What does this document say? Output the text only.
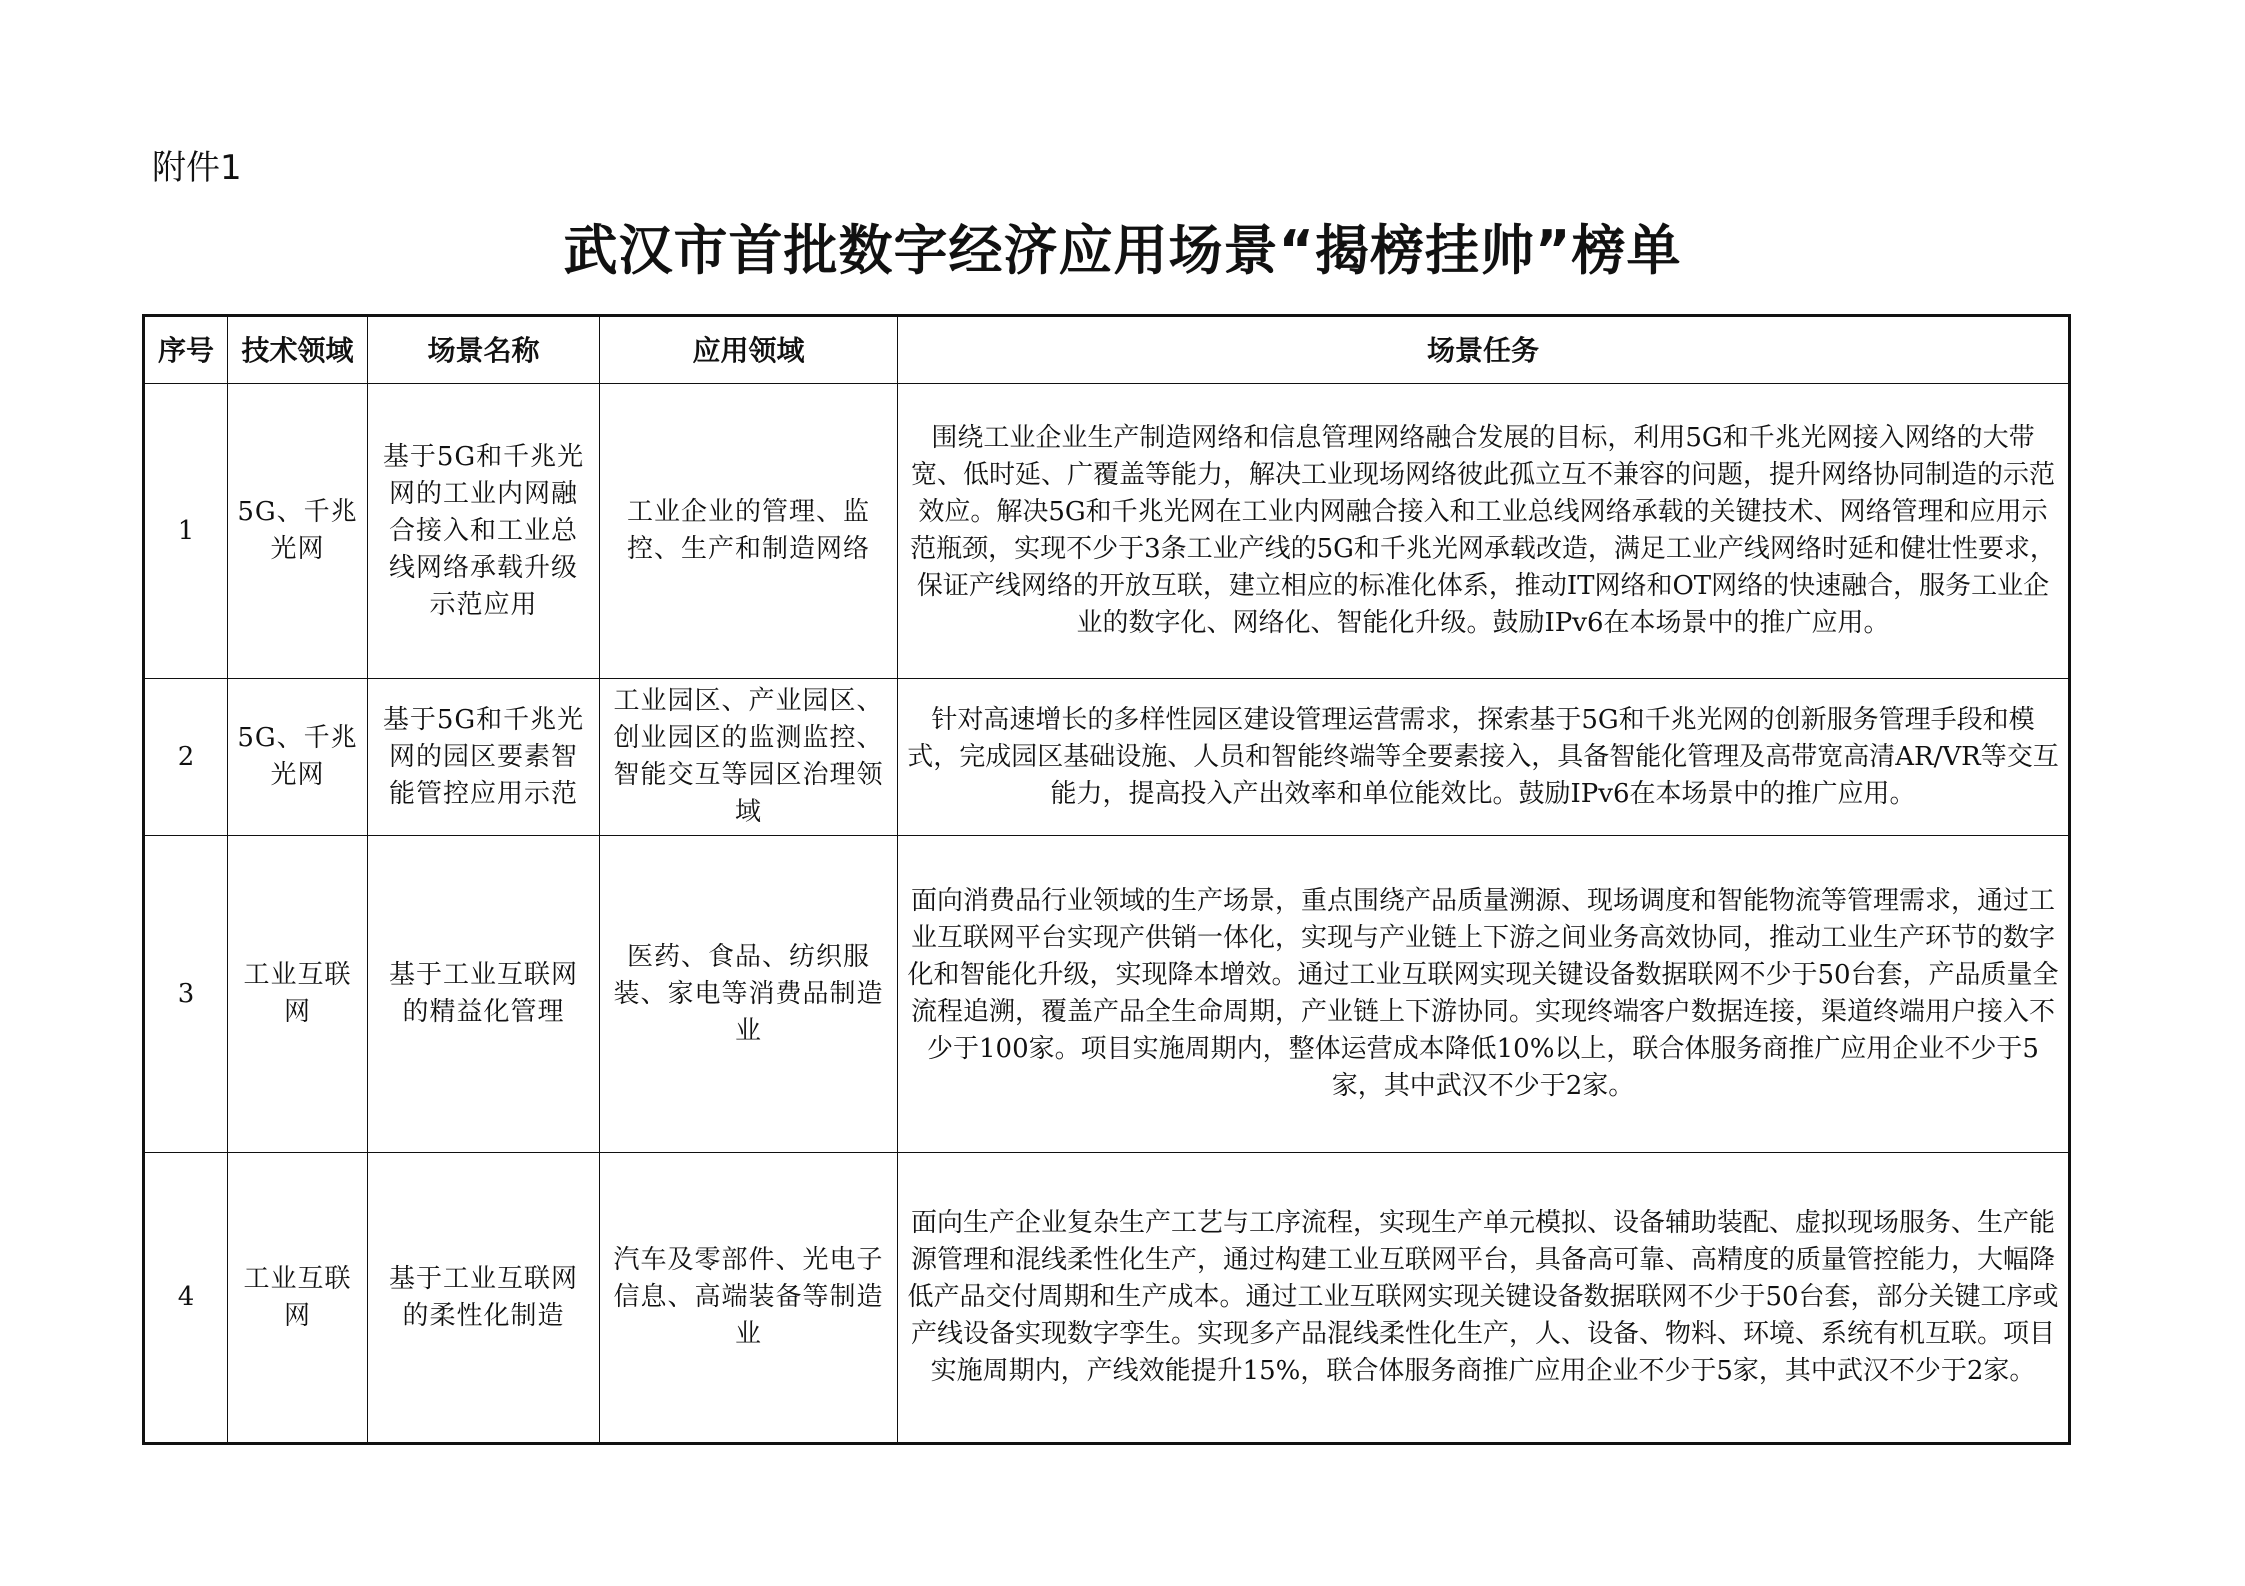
附件1
武汉市首批数字经济应用场景“揭榜挂帅”榜单
序号	技术领域	场景名称	应用领域	场景任务
1	5G、千兆光网	基于5G和千兆光网的工业内网融合接入和工业总线网络承载升级示范应用	工业企业的管理、监控、生产和制造网络	围绕工业企业生产制造网络和信息管理网络融合发展的目标，利用5G和千兆光网接入网络的大带宽、低时延、广覆盖等能力，解决工业现场网络彼此孤立互不兼容的问题，提升网络协同制造的示范效应。解决5G和千兆光网在工业内网融合接入和工业总线网络承载的关键技术、网络管理和应用示范瓶颈，实现不少于3条工业产线的5G和千兆光网承载改造，满足工业产线网络时延和健壮性要求，保证产线网络的开放互联，建立相应的标准化体系，推动IT网络和OT网络的快速融合，服务工业企业的数字化、网络化、智能化升级。鼓励IPv6在本场景中的推广应用。
2	5G、千兆光网	基于5G和千兆光网的园区要素智能管控应用示范	工业园区、产业园区、创业园区的监测监控、智能交互等园区治理领域	针对高速增长的多样性园区建设管理运营需求，探索基于5G和千兆光网的创新服务管理手段和模式，完成园区基础设施、人员和智能终端等全要素接入，具备智能化管理及高带宽高清AR/VR等交互能力，提高投入产出效率和单位能效比。鼓励IPv6在本场景中的推广应用。
3	工业互联网	基于工业互联网的精益化管理	医药、食品、纺织服装、家电等消费品制造业	面向消费品行业领域的生产场景，重点围绕产品质量溯源、现场调度和智能物流等管理需求，通过工业互联网平台实现产供销一体化，实现与产业链上下游之间业务高效协同，推动工业生产环节的数字化和智能化升级，实现降本增效。通过工业互联网实现关键设备数据联网不少于50台套，产品质量全流程追溯，覆盖产品全生命周期，产业链上下游协同。实现终端客户数据连接，渠道终端用户接入不少于100家。项目实施周期内，整体运营成本降低10%以上，联合体服务商推广应用企业不少于5家，其中武汉不少于2家。
4	工业互联网	基于工业互联网的柔性化制造	汽车及零部件、光电子信息、高端装备等制造业	面向生产企业复杂生产工艺与工序流程，实现生产单元模拟、设备辅助装配、虚拟现场服务、生产能源管理和混线柔性化生产，通过构建工业互联网平台，具备高可靠、高精度的质量管控能力，大幅降低产品交付周期和生产成本。通过工业互联网实现关键设备数据联网不少于50台套，部分关键工序或产线设备实现数字孪生。实现多产品混线柔性化生产，人、设备、物料、环境、系统有机互联。项目实施周期内，产线效能提升15%，联合体服务商推广应用企业不少于5家，其中武汉不少于2家。
